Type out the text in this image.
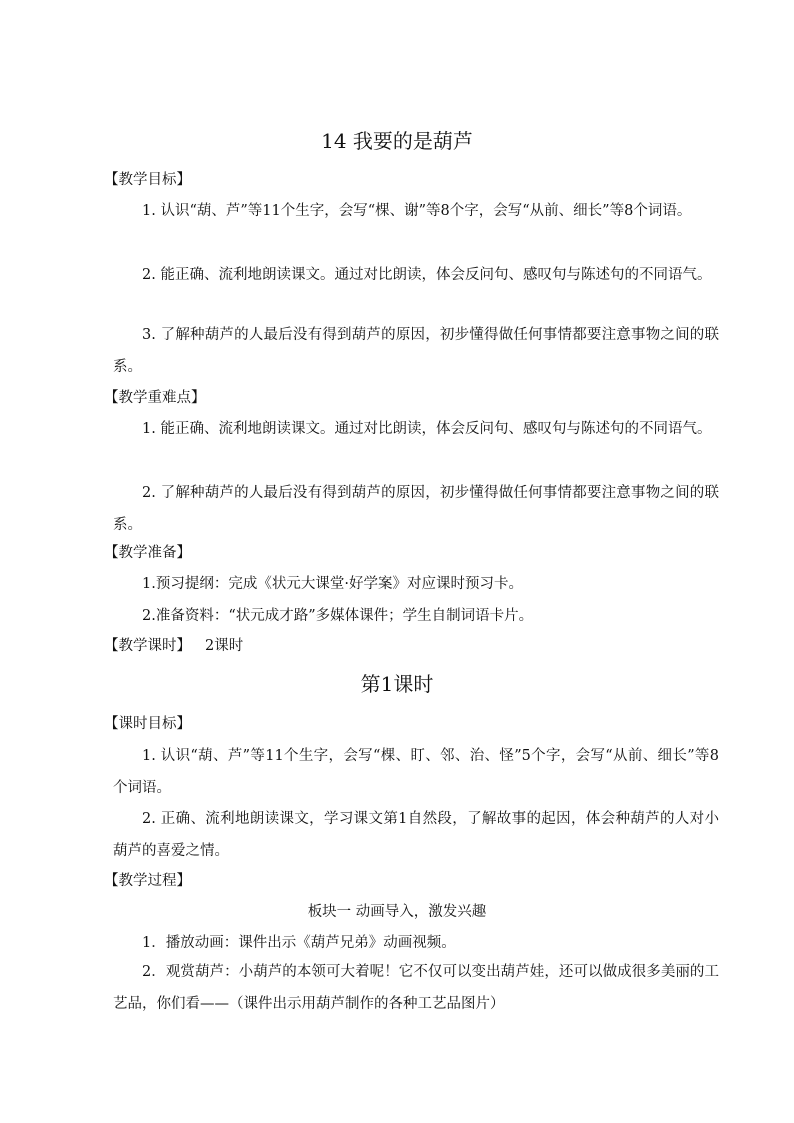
14 我要的是葫芦
【教学目标】

1. 认识“葫、芦”等11个生字，会写“棵、谢”等8个字，会写“从前、细长”等8个词语。

2. 能正确、流利地朗读课文。通过对比朗读，体会反问句、感叹句与陈述句的不同语气。

3. 了解种葫芦的人最后没有得到葫芦的原因，初步懂得做任何事情都要注意事物之间的联系。

【教学重难点】

1. 能正确、流利地朗读课文。通过对比朗读，体会反问句、感叹句与陈述句的不同语气。

2. 了解种葫芦的人最后没有得到葫芦的原因，初步懂得做任何事情都要注意事物之间的联系。

【教学准备】
1.预习提纲：完成《状元大课堂·好学案》对应课时预习卡。
2.准备资料：“状元成才路”多媒体课件；学生自制词语卡片。
【教学课时】 2课时
第1课时
【课时目标】

1. 认识“葫、芦”等11个生字，会写“棵、盯、邻、治、怪”5个字，会写“从前、细长”等8个词语。

2. 正确、流利地朗读课文，学习课文第1自然段，了解故事的起因，体会种葫芦的人对小葫芦的喜爱之情。

【教学过程】
板块一 动画导入，激发兴趣
1．播放动画：课件出示《葫芦兄弟》动画视频。

2．观赏葫芦：小葫芦的本领可大着呢！它不仅可以变出葫芦娃，还可以做成很多美丽的工艺品，你们看——（课件出示用葫芦制作的各种工艺品图片）
